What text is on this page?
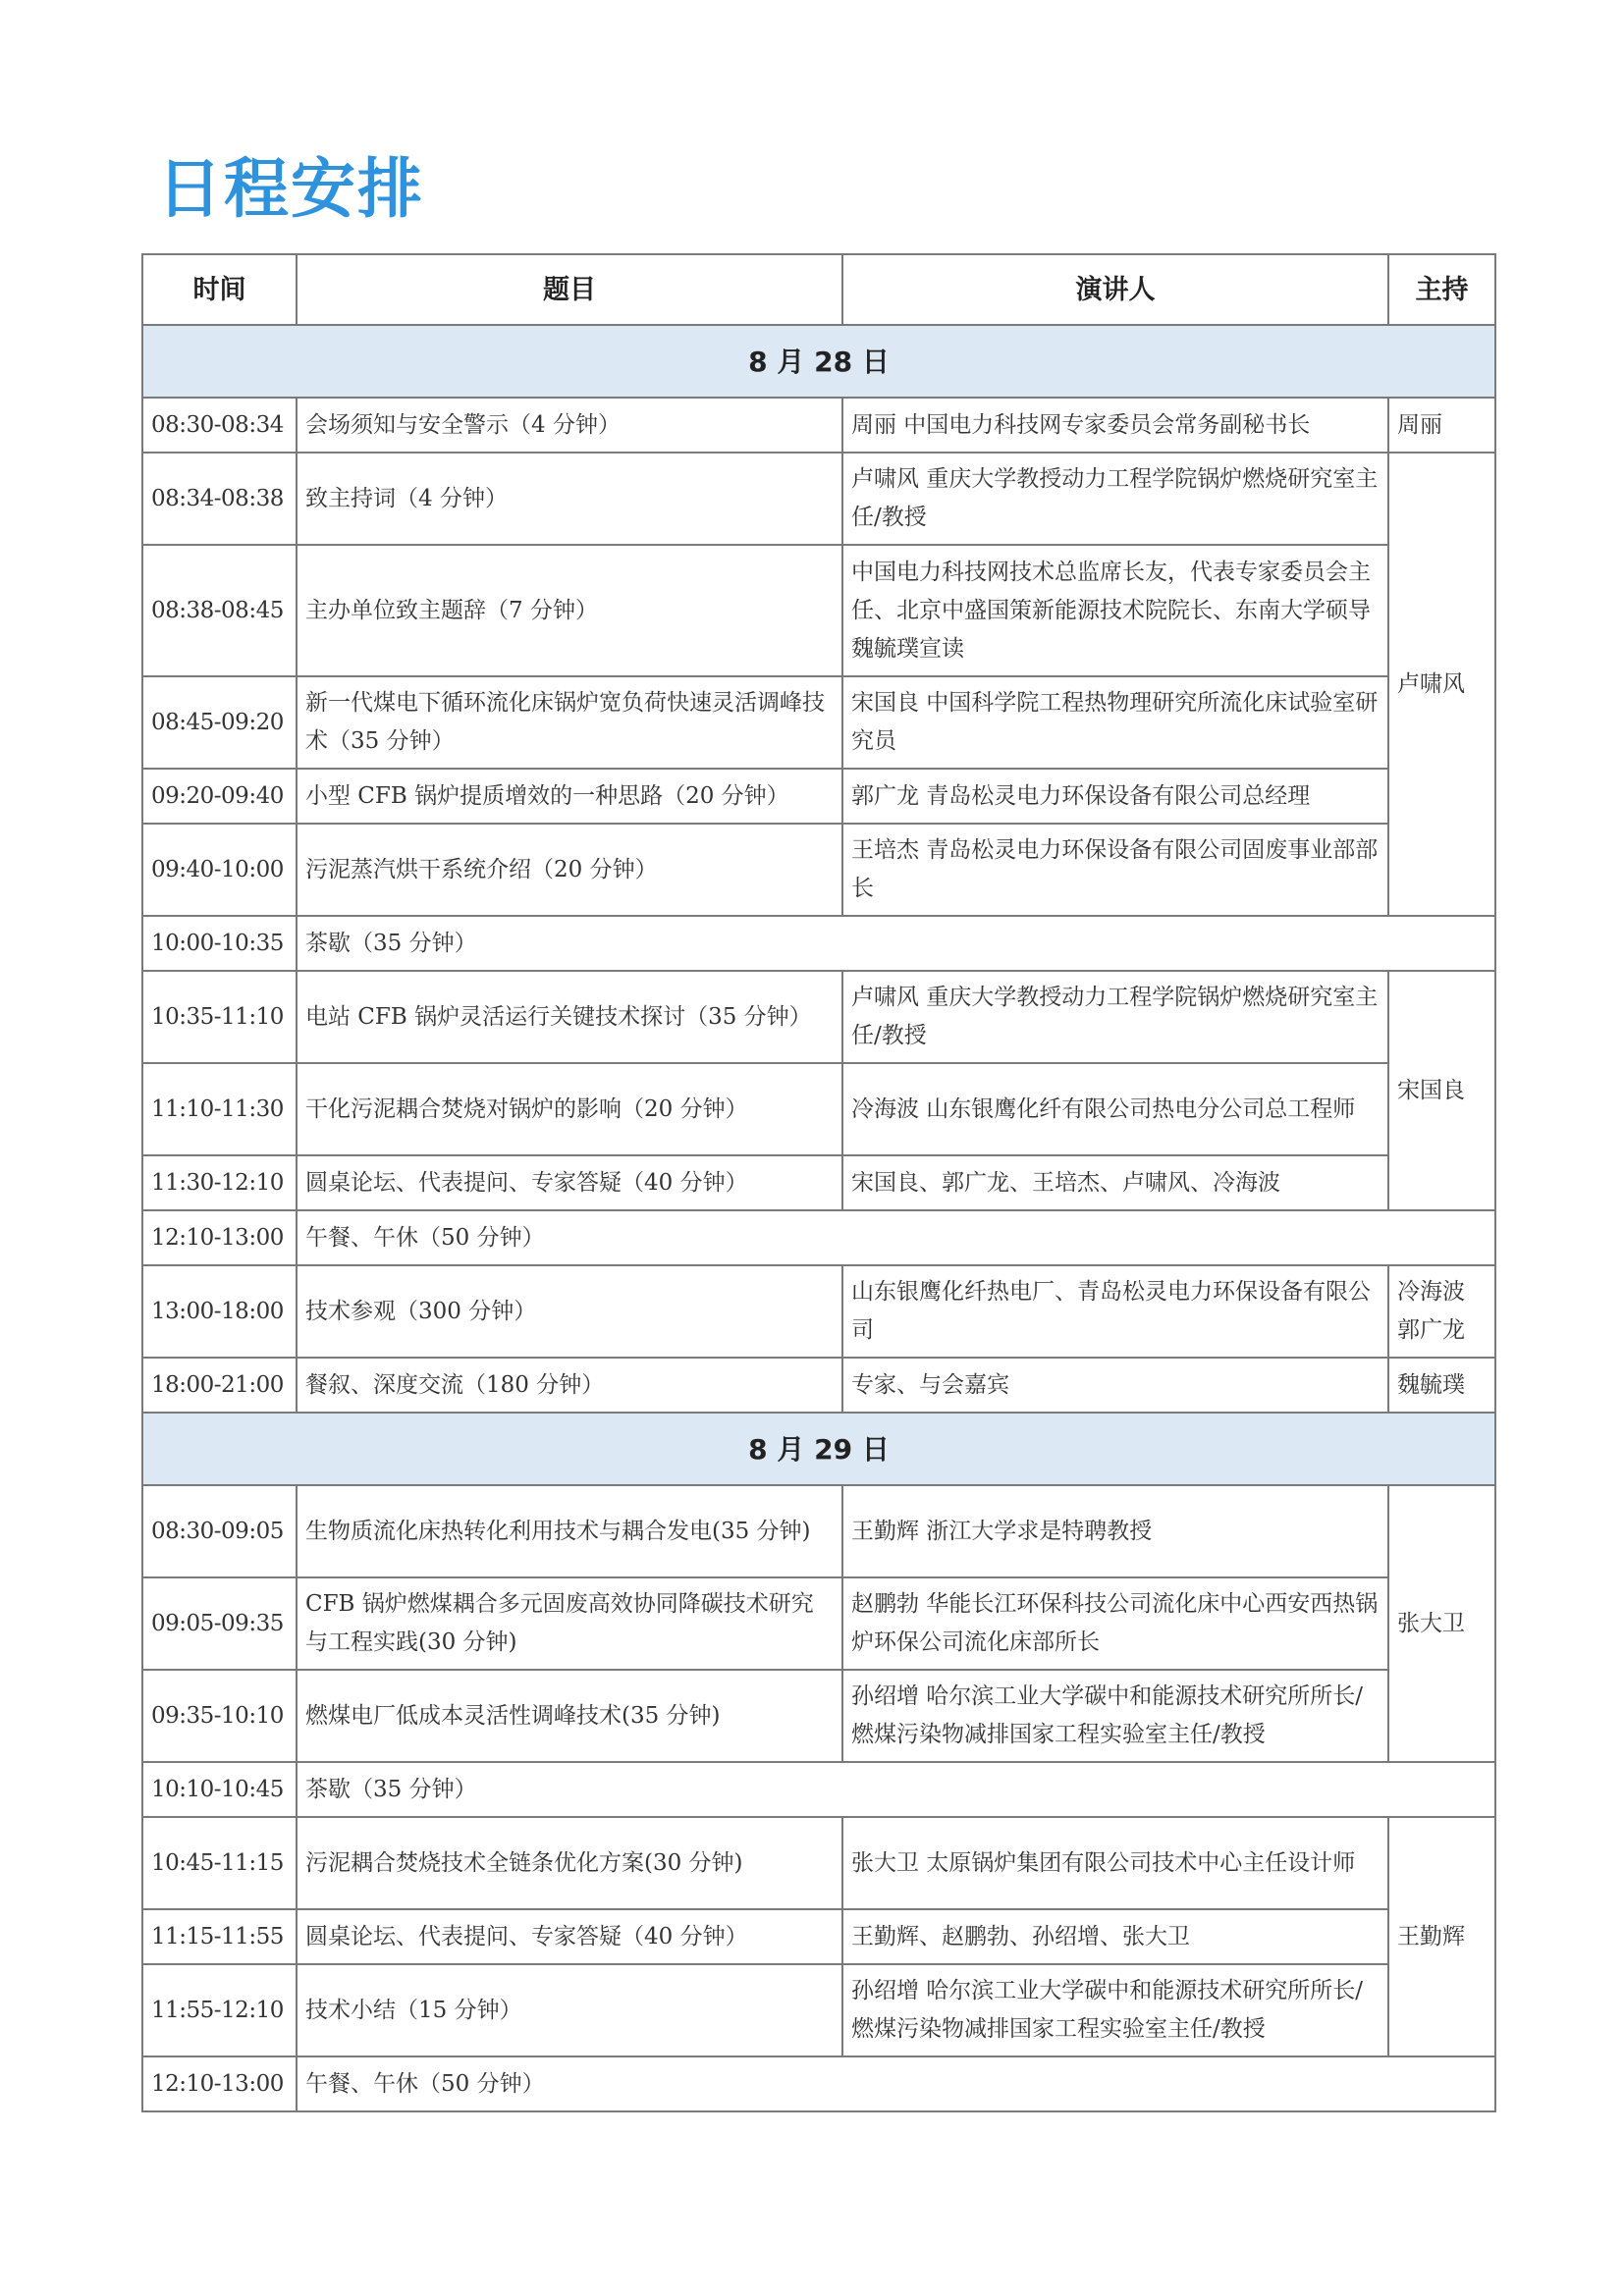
日程安排
时间	题目	演讲人	主持
8 月 28 日			
08:30-08:34	会场须知与安全警示（4 分钟）	周丽 中国电力科技网专家委员会常务副秘书长	周丽
08:34-08:38	致主持词（4 分钟）	卢啸风 重庆大学教授动力工程学院锅炉燃烧研究室主任/教授	卢啸风
08:38-08:45	主办单位致主题辞（7 分钟）	中国电力科技网技术总监席长友，代表专家委员会主任、北京中盛国策新能源技术院院长、东南大学硕导魏毓璞宣读	
08:45-09:20	新一代煤电下循环流化床锅炉宽负荷快速灵活调峰技术（35 分钟）	宋国良 中国科学院工程热物理研究所流化床试验室研究员	
09:20-09:40	小型 CFB 锅炉提质增效的一种思路（20 分钟）	郭广龙 青岛松灵电力环保设备有限公司总经理	
09:40-10:00	污泥蒸汽烘干系统介绍（20 分钟）	王培杰 青岛松灵电力环保设备有限公司固废事业部部长	
10:00-10:35	茶歇（35 分钟）		
10:35-11:10	电站 CFB 锅炉灵活运行关键技术探讨（35 分钟）	卢啸风 重庆大学教授动力工程学院锅炉燃烧研究室主任/教授	宋国良
11:10-11:30	干化污泥耦合焚烧对锅炉的影响（20 分钟）	冷海波 山东银鹰化纤有限公司热电分公司总工程师	
11:30-12:10	圆桌论坛、代表提问、专家答疑（40 分钟）	宋国良、郭广龙、王培杰、卢啸风、冷海波	
12:10-13:00	午餐、午休（50 分钟）		
13:00-18:00	技术参观（300 分钟）	山东银鹰化纤热电厂、青岛松灵电力环保设备有限公司	冷海波
郭广龙
18:00-21:00	餐叙、深度交流（180 分钟）	专家、与会嘉宾	魏毓璞
8 月 29 日			
08:30-09:05	生物质流化床热转化利用技术与耦合发电(35 分钟)	王勤辉 浙江大学求是特聘教授	张大卫
09:05-09:35	CFB 锅炉燃煤耦合多元固废高效协同降碳技术研究与工程实践(30 分钟)	赵鹏勃 华能长江环保科技公司流化床中心西安西热锅炉环保公司流化床部所长	
09:35-10:10	燃煤电厂低成本灵活性调峰技术(35 分钟)	孙绍增 哈尔滨工业大学碳中和能源技术研究所所长/燃煤污染物减排国家工程实验室主任/教授	
10:10-10:45	茶歇（35 分钟）		
10:45-11:15	污泥耦合焚烧技术全链条优化方案(30 分钟)	张大卫 太原锅炉集团有限公司技术中心主任设计师	王勤辉
11:15-11:55	圆桌论坛、代表提问、专家答疑（40 分钟）	王勤辉、赵鹏勃、孙绍增、张大卫	
11:55-12:10	技术小结（15 分钟）	孙绍增 哈尔滨工业大学碳中和能源技术研究所所长/燃煤污染物减排国家工程实验室主任/教授	
12:10-13:00	午餐、午休（50 分钟）		
